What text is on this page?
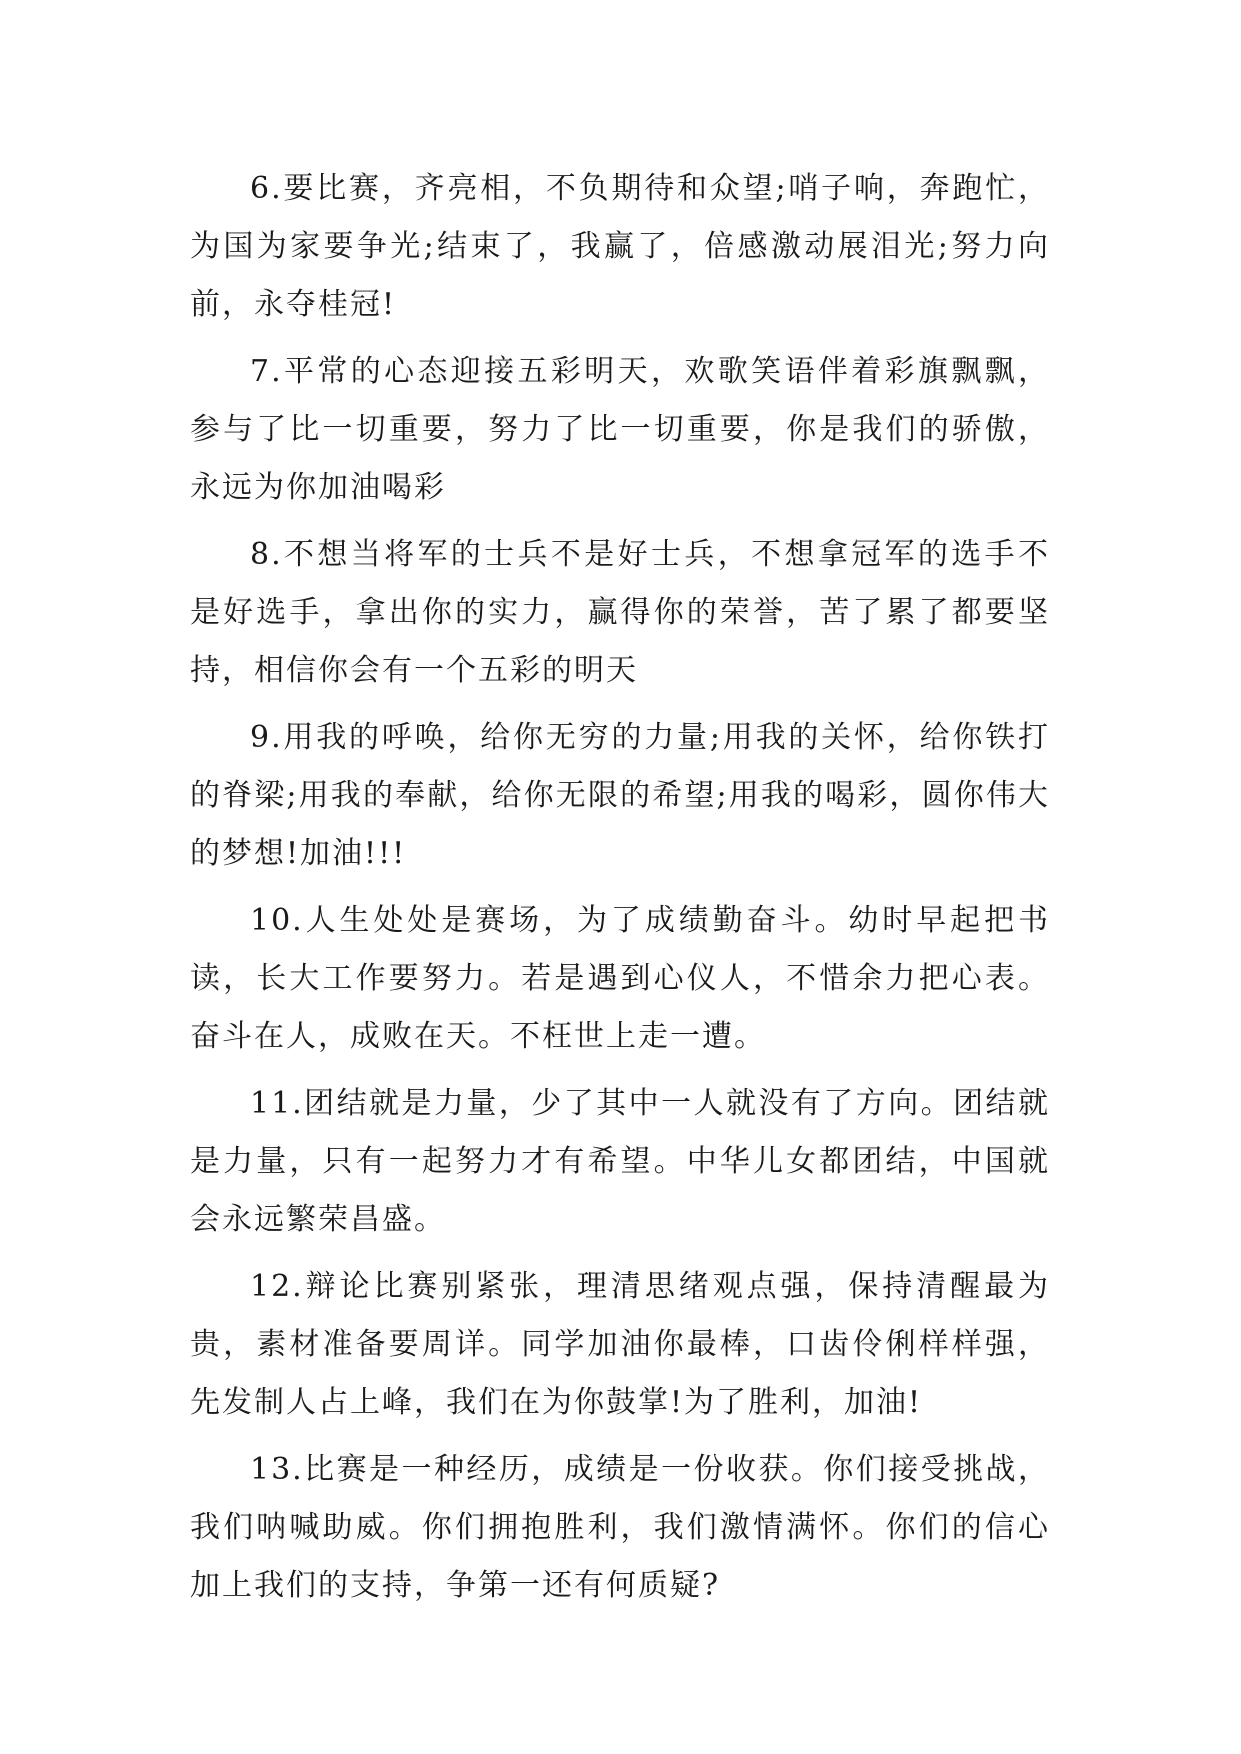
6.要比赛，齐亮相，不负期待和众望;哨子响，奔跑忙，为国为家要争光;结束了，我赢了，倍感激动展泪光;努力向前，永夺桂冠!

7.平常的心态迎接五彩明天，欢歌笑语伴着彩旗飘飘，参与了比一切重要，努力了比一切重要，你是我们的骄傲，永远为你加油喝彩

8.不想当将军的士兵不是好士兵，不想拿冠军的选手不是好选手，拿出你的实力，赢得你的荣誉，苦了累了都要坚持，相信你会有一个五彩的明天

9.用我的呼唤，给你无穷的力量;用我的关怀，给你铁打的脊梁;用我的奉献，给你无限的希望;用我的喝彩，圆你伟大的梦想!加油!!!

10.人生处处是赛场，为了成绩勤奋斗。幼时早起把书读，长大工作要努力。若是遇到心仪人，不惜余力把心表。奋斗在人，成败在天。不枉世上走一遭。

11.团结就是力量，少了其中一人就没有了方向。团结就是力量，只有一起努力才有希望。中华儿女都团结，中国就会永远繁荣昌盛。

12.辩论比赛别紧张，理清思绪观点强，保持清醒最为贵，素材准备要周详。同学加油你最棒，口齿伶俐样样强，先发制人占上峰，我们在为你鼓掌!为了胜利，加油!

13.比赛是一种经历，成绩是一份收获。你们接受挑战，我们呐喊助威。你们拥抱胜利，我们激情满怀。你们的信心加上我们的支持，争第一还有何质疑?
